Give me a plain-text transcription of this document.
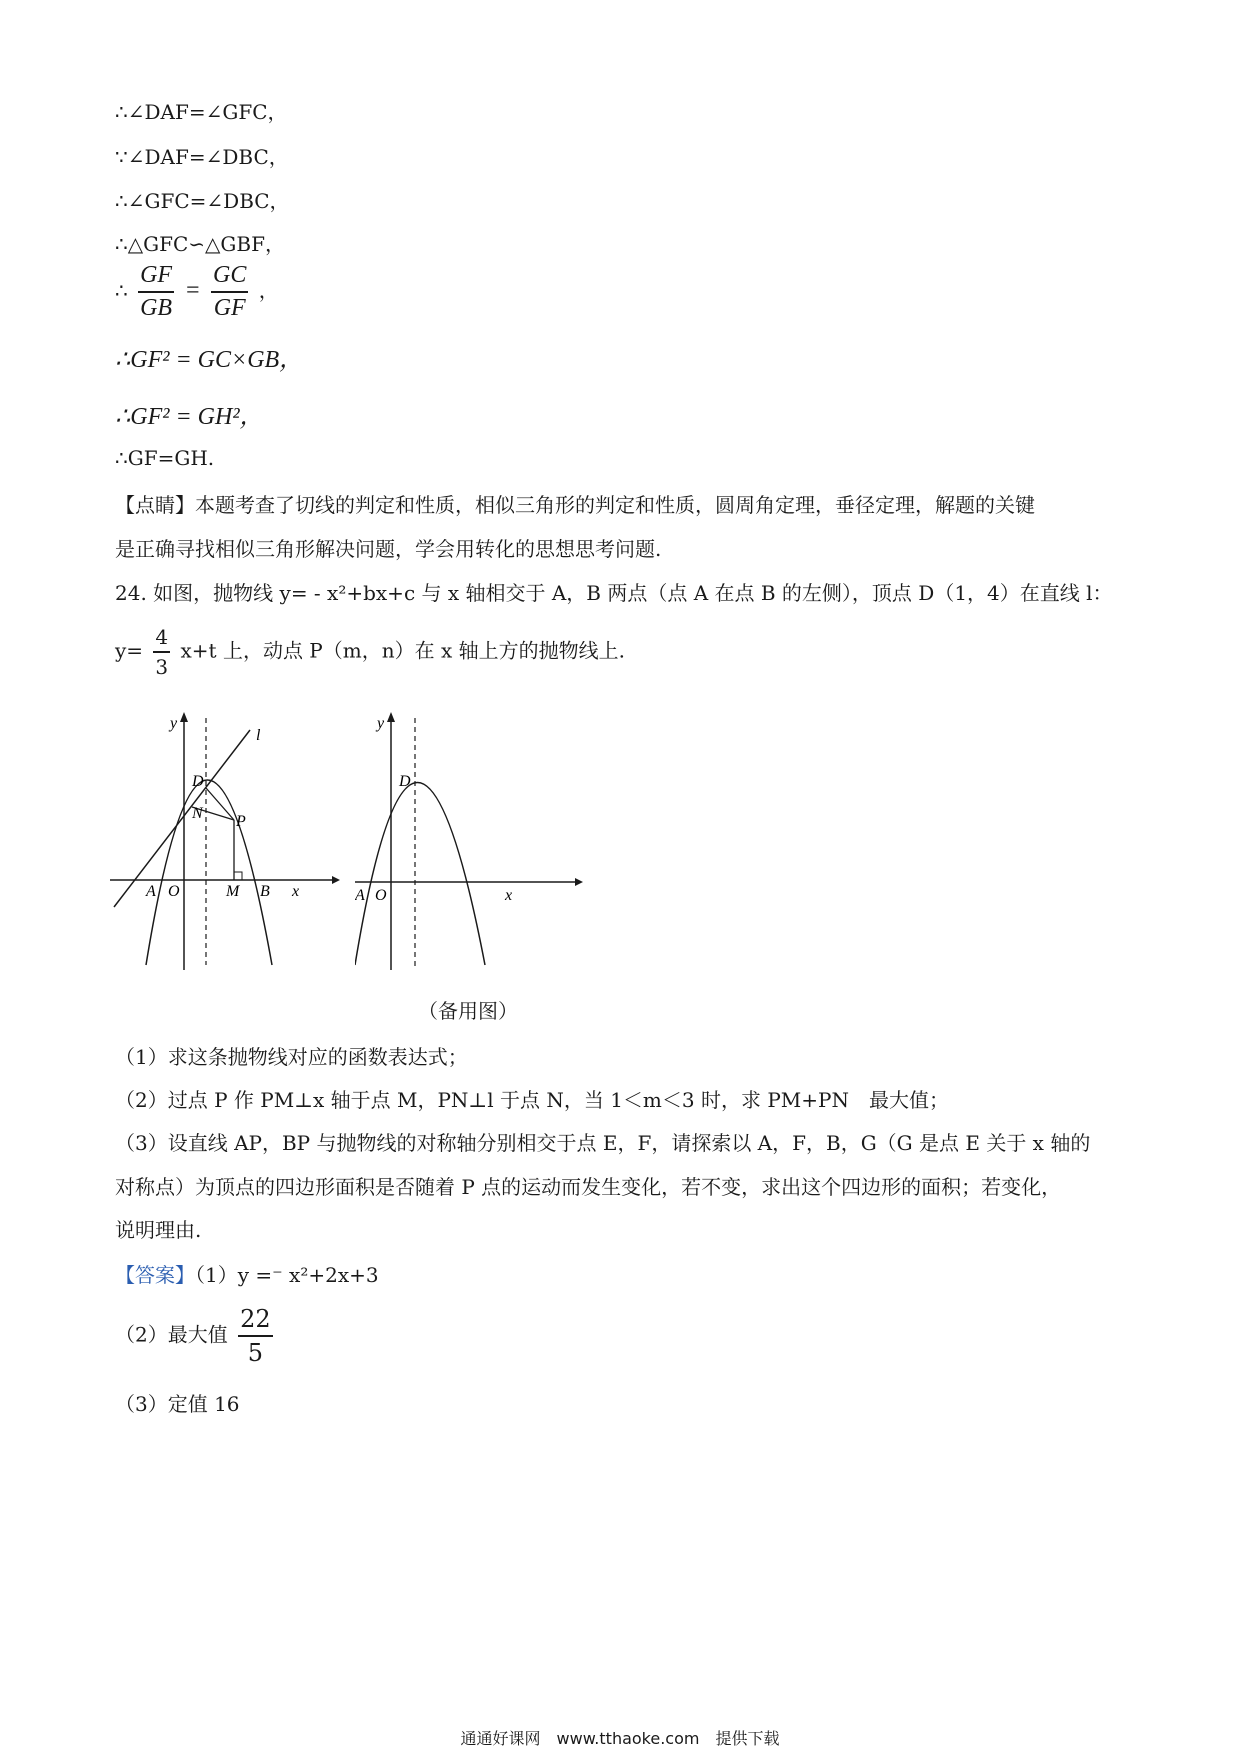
∴∠DAF=∠GFC，
∵∠DAF=∠DBC，
∴∠GFC=∠DBC，
∴△GFC∽△GBF，
∴ $\frac{GF}{GB} = \frac{GC}{GF}$ ，
∴GF² = GC×GB，
∴GF² = GH²，
∴GF=GH.
【点睛】本题考查了切线的判定和性质，相似三角形的判定和性质，圆周角定理，垂径定理，解题的关键
是正确寻找相似三角形解决问题，学会用转化的思想思考问题.
24. 如图，抛物线 y= - x²+bx+c 与 x 轴相交于 A，B 两点（点 A 在点 B 的左侧），顶点 D（1，4）在直线 l：
$y= \frac{4}{3} x+t$ 上，动点 P（m，n）在 x 轴上方的抛物线上.
y
l
D
N P
A O	M B x
y
D
A O	x
（备用图）
（1）求这条抛物线对应的函数表达式；
（2）过点 P 作 PM⊥x 轴于点 M，PN⊥l 于点 N，当 1＜m＜3 时，求 PM+PN　最大值；
（3）设直线 AP，BP 与抛物线的对称轴分别相交于点 E，F，请探索以 A，F，B，G（G 是点 E 关于 x 轴的
对称点）为顶点的四边形面积是否随着 P 点的运动而发生变化，若不变，求出这个四边形的面积；若变化，
说明理由.
【答案】（1）y =⁻ x²+2x+3
（2）最大值 $\frac{22}{5}$
（3）定值 16
通通好课网　www.tthaoke.com　提供下载
